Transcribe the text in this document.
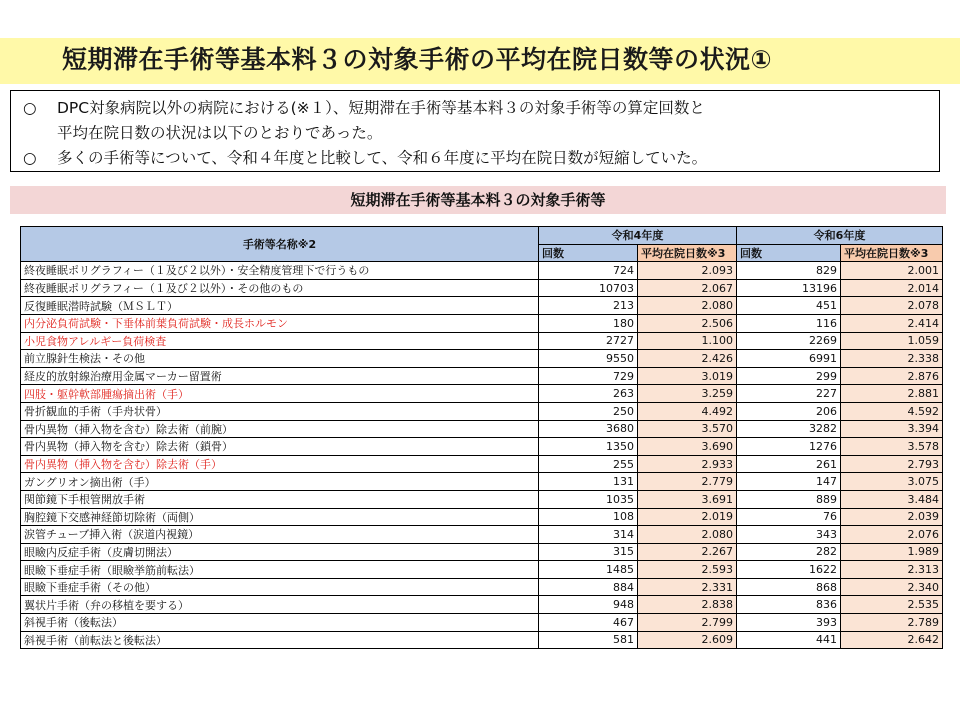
短期滞在手術等基本料３の対象手術の平均在院日数等の状況①
○ DPC対象病院以外の病院における(※１）、短期滞在手術等基本料３の対象手術等の算定回数と
平均在院日数の状況は以下のとおりであった。
○ 多くの手術等について、令和４年度と比較して、令和６年度に平均在院日数が短縮していた。
短期滞在手術等基本料３の対象手術等
手術等名称※2	令和4年度		令和6年度	
	回数	平均在院日数※3	回数	平均在院日数※3
終夜睡眠ポリグラフィー（１及び２以外）・安全精度管理下で行うもの	724	2.093	829	2.001
終夜睡眠ポリグラフィー（１及び２以外）・その他のもの	10703	2.067	13196	2.014
反復睡眠潜時試験（ＭＳＬＴ）	213	2.080	451	2.078
内分泌負荷試験・下垂体前葉負荷試験・成長ホルモン	180	2.506	116	2.414
小児食物アレルギー負荷検査	2727	1.100	2269	1.059
前立腺針生検法・その他	9550	2.426	6991	2.338
経皮的放射線治療用金属マーカー留置術	729	3.019	299	2.876
四肢・躯幹軟部腫瘍摘出術（手）	263	3.259	227	2.881
骨折観血的手術（手舟状骨）	250	4.492	206	4.592
骨内異物（挿入物を含む）除去術（前腕）	3680	3.570	3282	3.394
骨内異物（挿入物を含む）除去術（鎖骨）	1350	3.690	1276	3.578
骨内異物（挿入物を含む）除去術（手）	255	2.933	261	2.793
ガングリオン摘出術（手）	131	2.779	147	3.075
関節鏡下手根管開放手術	1035	3.691	889	3.484
胸腔鏡下交感神経節切除術（両側）	108	2.019	76	2.039
涙管チューブ挿入術（涙道内視鏡）	314	2.080	343	2.076
眼瞼内反症手術（皮膚切開法）	315	2.267	282	1.989
眼瞼下垂症手術（眼瞼挙筋前転法）	1485	2.593	1622	2.313
眼瞼下垂症手術（その他）	884	2.331	868	2.340
翼状片手術（弁の移植を要する）	948	2.838	836	2.535
斜視手術（後転法）	467	2.799	393	2.789
斜視手術（前転法と後転法）	581	2.609	441	2.642
